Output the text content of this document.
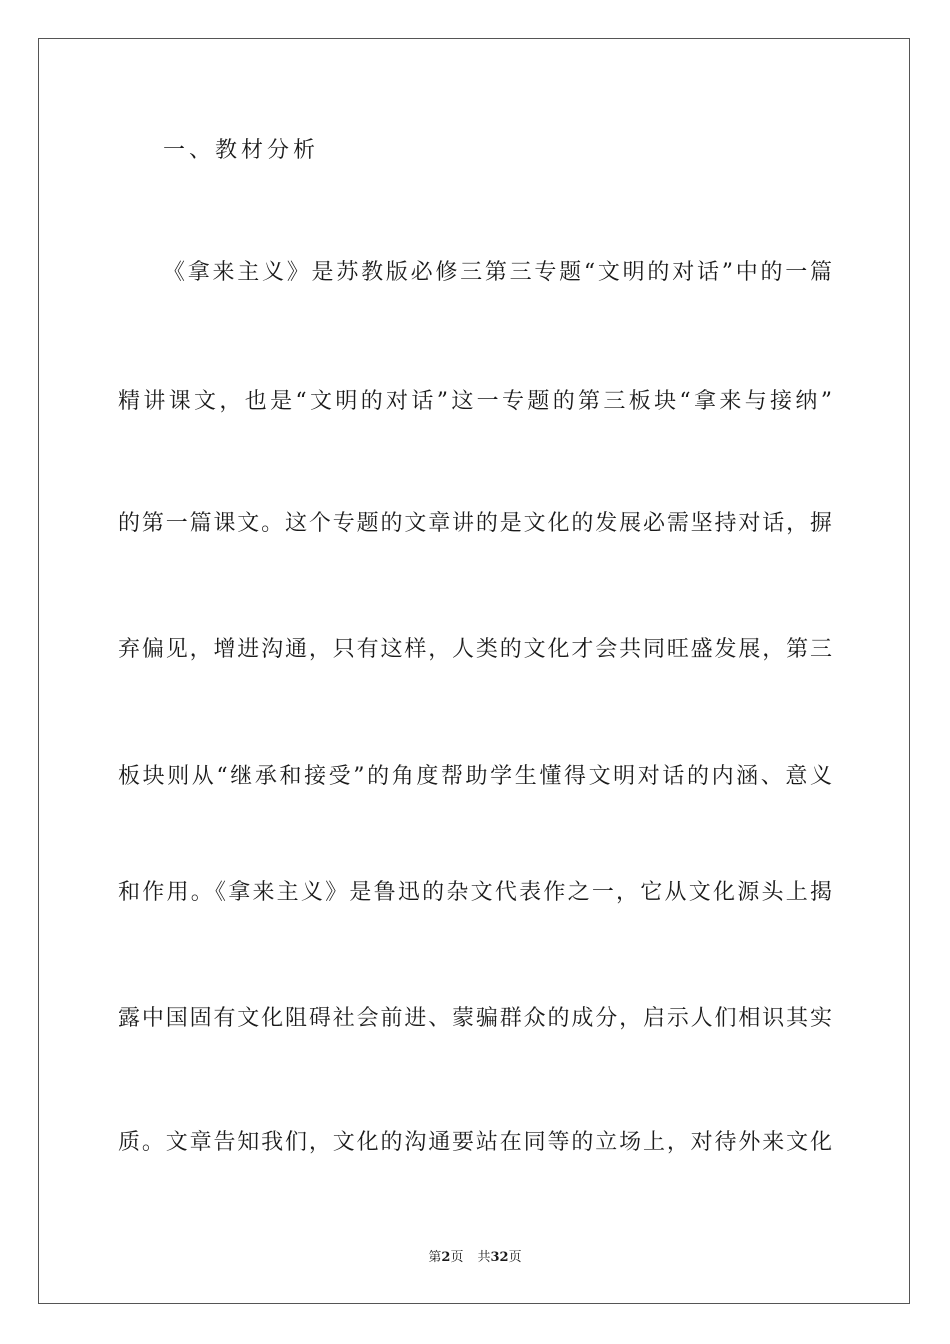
一、教材分析
《拿来主义》是苏教版必修三第三专题“文明的对话”中的一篇
精讲课文，也是“文明的对话”这一专题的第三板块“拿来与接纳”
的第一篇课文。这个专题的文章讲的是文化的发展必需坚持对话，摒
弃偏见，增进沟通，只有这样，人类的文化才会共同旺盛发展，第三
板块则从“继承和接受”的角度帮助学生懂得文明对话的内涵、意义
和作用。《拿来主义》是鲁迅的杂文代表作之一，它从文化源头上揭
露中国固有文化阻碍社会前进、蒙骗群众的成分，启示人们相识其实
质。文章告知我们，文化的沟通要站在同等的立场上，对待外来文化
第2页 共32页
